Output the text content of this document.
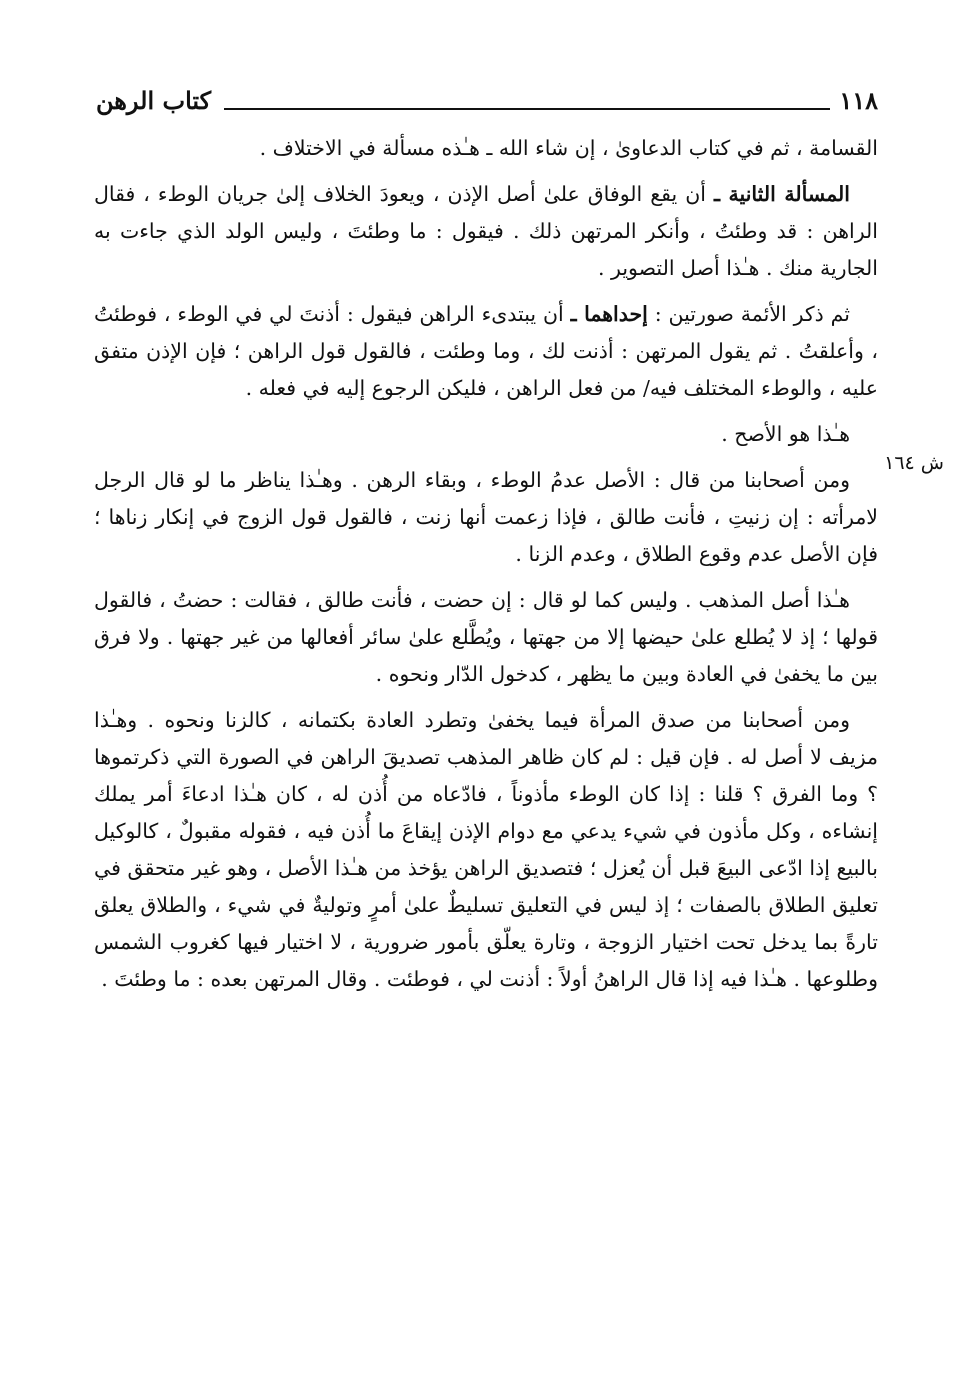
١١٨
كتاب الرهن
ش ١٦٤

القسامة ، ثم في كتاب الدعاوىٰ ، إن شاء الله ـ هـٰذه مسألة في الاختلاف .

المسألة الثانية ـ أن يقع الوفاق علىٰ أصل الإذن ، ويعودَ الخلاف إلىٰ جريان الوطء ، فقال الراهن : قد وطئتُ ، وأنكر المرتهن ذلك . فيقول : ما وطئتَ ، وليس الولد الذي جاءت به الجارية منك . هـٰذا أصل التصوير .

ثم ذكر الأئمة صورتين : إحداهما ـ أن يبتدىء الراهن فيقول : أذنتَ لي في الوطء ، فوطئتُ ، وأعلقتُ . ثم يقول المرتهن : أذنت لك ، وما وطئت ، فالقول قول الراهن ؛ فإن الإذن متفق عليه ، والوطء المختلف فيه/ من فعل الراهن ، فليكن الرجوع إليه في فعله .

هـٰذا هو الأصح .

ومن أصحابنا من قال : الأصل عدمُ الوطء ، وبقاء الرهن . وهـٰذا يناظر ما لو قال الرجل لامرأته : إن زنيتِ ، فأنت طالق ، فإذا زعمت أنها زنت ، فالقول قول الزوج في إنكار زناها ؛ فإن الأصل عدم وقوع الطلاق ، وعدم الزنا .

هـٰذا أصل المذهب . وليس كما لو قال : إن حضت ، فأنت طالق ، فقالت : حضتُ ، فالقول قولها ؛ إذ لا يُطلع علىٰ حيضها إلا من جهتها ، ويُطَّلع علىٰ سائر أفعالها من غير جهتها . ولا فرق بين ما يخفىٰ في العادة وبين ما يظهر ، كدخول الدّار ونحوه .

ومن أصحابنا من صدق المرأة فيما يخفىٰ وتطرد العادة بكتمانه ، كالزنا ونحوه . وهـٰذا مزيف لا أصل له . فإن قيل : لم كان ظاهر المذهب تصديقَ الراهن في الصورة التي ذكرتموها ؟ وما الفرق ؟ قلنا : إذا كان الوطء مأذوناً ، فادّعاه من أُذن له ، كان هـٰذا ادعاءَ أمر يملك إنشاءه ، وكل مأذون في شيء يدعي مع دوام الإذن إيقاعَ ما أُذن فيه ، فقوله مقبولٌ ، كالوكيل بالبيع إذا ادّعى البيعَ قبل أن يُعزل ؛ فتصديق الراهن يؤخذ من هـٰذا الأصل ، وهو غير متحقق في تعليق الطلاق بالصفات ؛ إذ ليس في التعليق تسليطٌ علىٰ أمرٍ وتوليةٌ في شيء ، والطلاق يعلق تارةً بما يدخل تحت اختيار الزوجة ، وتارة يعلّق بأمور ضرورية ، لا اختيار فيها كغروب الشمس وطلوعها . هـٰذا فيه إذا قال الراهنُ أولاً : أذنت لي ، فوطئت . وقال المرتهن بعده : ما وطئتَ .
